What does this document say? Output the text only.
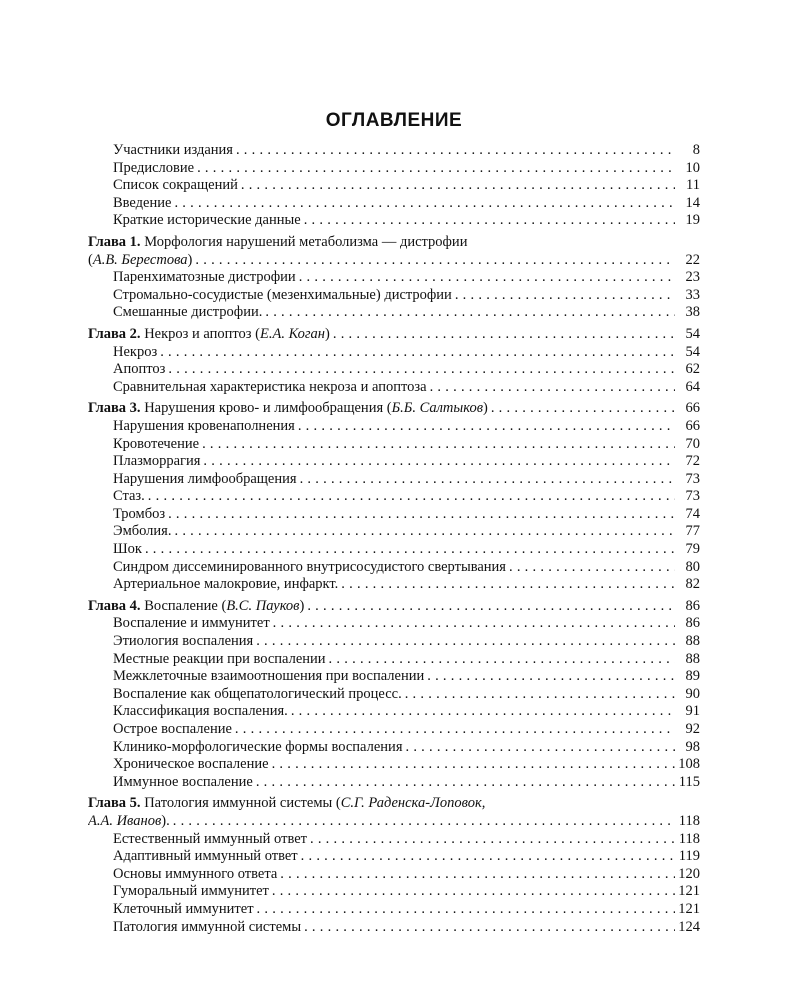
ОГЛАВЛЕНИЕ
Участники издания . . .	8
Предисловие . . .	10
Список сокращений . . .	11
Введение . . .	14
Краткие исторические данные . . .	19
Глава 1. Морфология нарушений метаболизма — дистрофии
(А.В. Берестова) . . .	22
Паренхиматозные дистрофии . . .	23
Стромально-сосудистые (мезенхимальные) дистрофии . . .	33
Смешанные дистрофии. . . .	38
Глава 2. Некроз и апоптоз (Е.А. Коган) . . .	54
Некроз . . .	54
Апоптоз . . .	62
Сравнительная характеристика некроза и апоптоза . . .	64
Глава 3. Нарушения крово- и лимфообращения (Б.Б. Салтыков) . . .	66
Нарушения кровенаполнения . . .	66
Кровотечение . . .	70
Плазморрагия . . .	72
Нарушения лимфообращения . . .	73
Стаз. . . .	73
Тромбоз . . .	74
Эмболия. . . .	77
Шок . . .	79
Синдром диссеминированного внутрисосудистого свертывания . . .	80
Артериальное малокровие, инфаркт. . . .	82
Глава 4. Воспаление (В.С. Пауков) . . .	86
Воспаление и иммунитет . . .	86
Этиология воспаления . . .	88
Местные реакции при воспалении . . .	88
Межклеточные взаимоотношения при воспалении . . .	89
Воспаление как общепатологический процесс. . . .	90
Классификация воспаления. . . .	91
Острое воспаление . . .	92
Клинико-морфологические формы воспаления . . .	98
Хроническое воспаление . . .	108
Иммунное воспаление . . .	115
Глава 5. Патология иммунной системы (С.Г. Раденска-Лоповок,
А.А. Иванов). . . .	118
Естественный иммунный ответ . . .	118
Адаптивный иммунный ответ . . .	119
Основы иммунного ответа . . .	120
Гуморальный иммунитет . . .	121
Клеточный иммунитет . . .	121
Патология иммунной системы . . .	124
